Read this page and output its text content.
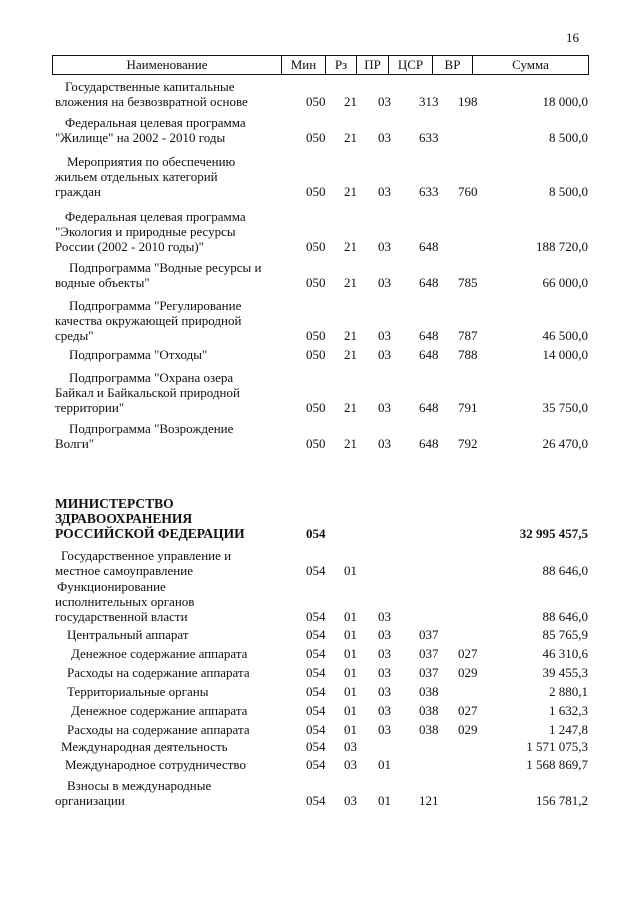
16
Наименование	Мин	Рз	ПР	ЦСР	ВР	Сумма
Государственные капитальные
вложения на безвозвратной основе	050 21 03 313 198	18 000,0
Федеральная целевая программа
"Жилище" на 2002 - 2010 годы	050 21 03 633	8 500,0
Мероприятия по обеспечению
жильем отдельных категорий
граждан	050 21 03 633 760	8 500,0
Федеральная целевая программа
"Экология и природные ресурсы
России (2002 - 2010 годы)"	050 21 03 648	188 720,0
Подпрограмма "Водные ресурсы и
водные объекты"	050 21 03 648 785	66 000,0
Подпрограмма "Регулирование
качества окружающей природной
среды"	050 21 03 648 787	46 500,0
Подпрограмма "Отходы"	050 21 03 648 788	14 000,0
Подпрограмма "Охрана озера
Байкал и Байкальской природной
территории"	050 21 03 648 791	35 750,0
Подпрограмма "Возрождение
Волги"	050 21 03 648 792	26 470,0
МИНИСТЕРСТВО
ЗДРАВООХРАНЕНИЯ
РОССИЙСКОЙ ФЕДЕРАЦИИ	054	32 995 457,5
Государственное управление и
местное самоуправление	054 01	88 646,0
Функционирование
исполнительных органов
государственной власти	054 01 03	88 646,0
Центральный аппарат	054 01 03 037	85 765,9
Денежное содержание аппарата	054 01 03 037 027	46 310,6
Расходы на содержание аппарата	054 01 03 037 029	39 455,3
Территориальные органы	054 01 03 038	2 880,1
Денежное содержание аппарата	054 01 03 038 027	1 632,3
Расходы на содержание аппарата	054 01 03 038 029	1 247,8
Международная деятельность	054 03	1 571 075,3
Международное сотрудничество	054 03 01	1 568 869,7
Взносы в международные
организации	054 03 01 121	156 781,2
